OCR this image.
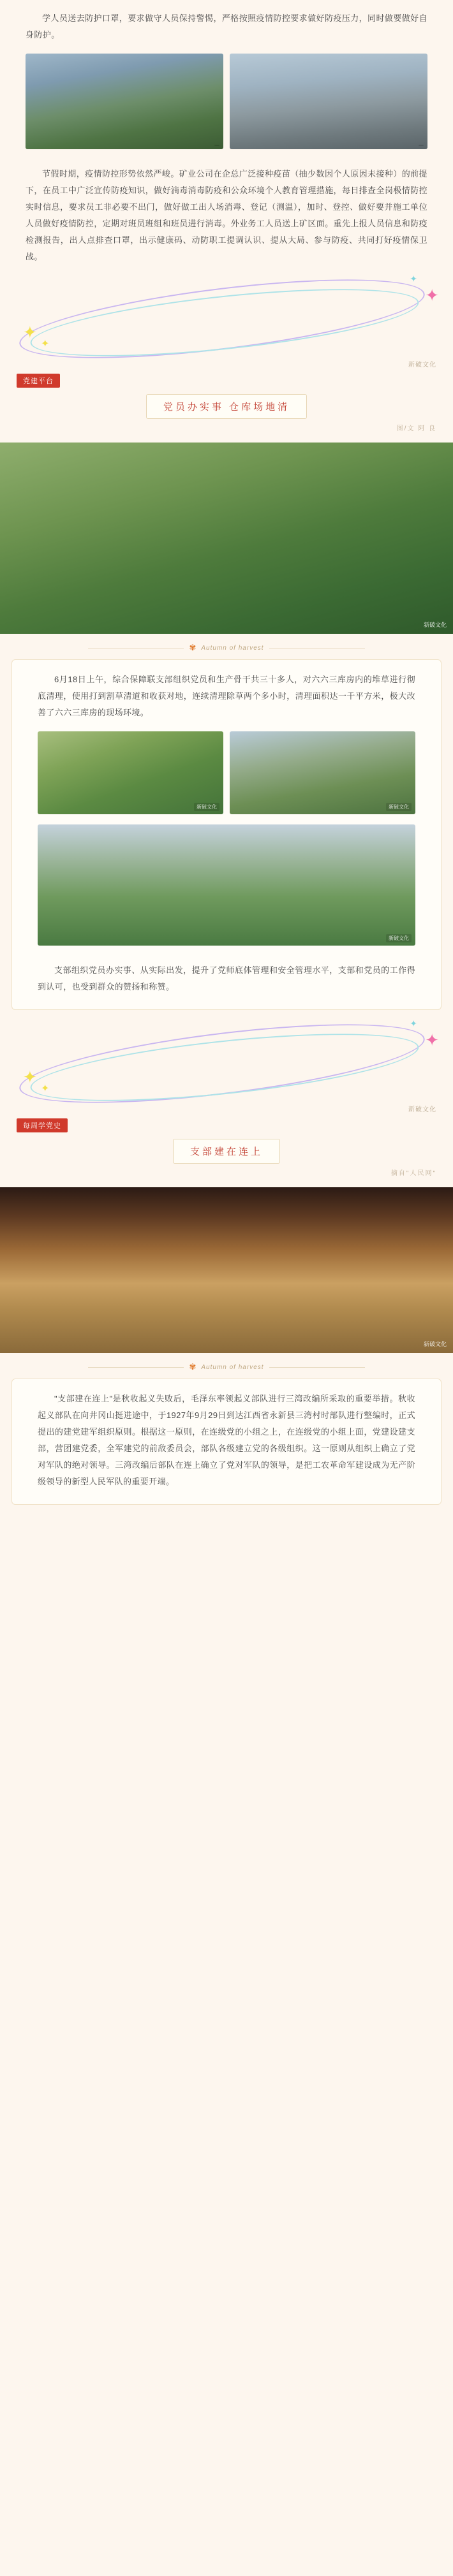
学人员送去防护口罩，要求做守人员保持警惕，严格按照疫情防控要求做好防疫压力，同时做要做好自身防护。
节假时期，疫情防控形势依然严峻。矿业公司在企总广泛接种疫苗（抽少数因个人原因未接种）的前提下，在员工中广泛宣传防疫知识，做好滴毒消毒防疫和公众环境个人教育管理措施，每日排查全岗极情防控实时信息，要求员工非必要不出门，做好做工出人场消毒、登记（测温），加时、登控、做好要并施工单位人员做好疫情防控，定期对班员班组和班员进行消毒。外业务工人员送上矿区面。重先上报人员信息和防疫检测报告，出人点排查口罩，出示健康码、动防职工提调认识、提从大局、参与防疫、共同打好疫情保卫战。
✦
✦
✦
✦
新破文化
党建平台
党员办实事 仓库场地清
图/文 阿 良
新破文化
✾ Autumn of harvest
6月18日上午，综合保障联支部组织党员和生产骨干共三十多人，对六六三库房内的堆草进行彻底清理，使用打到割草清道和收获对地，连续清理除草两个多小时，清理面积达一千平方米，极大改善了六六三库房的现场环境。
新破文化	新破文化
新破文化
支部组织党员办实事、从实际出发，提升了党师底体管理和安全管理水平，支部和党员的工作得到认可，也受到群众的赞扬和称赞。
✦
✦
✦
✦
新破文化
每周学党史
支部建在连上
摘自"人民网"
新破文化
✾ Autumn of harvest
"支部建在连上"是秋收起义失败后，毛泽东率领起义部队进行三湾改编所采取的重要举措。秋收起义部队在向井冈山挺进途中，于1927年9月29日到达江西省永新县三湾村时部队进行整编时，正式提出的建党建军组织原则。根据这一原则，在连级党的小组之上，在连级党的小组上面，党建设建支部，营团建党委，全军建党的前敌委员会，部队各级建立党的各级组织。这一原则从组织上确立了党对军队的绝对领导。三湾改编后部队在连上确立了党对军队的领导，是把工农革命军建设成为无产阶级领导的新型人民军队的重要开端。
